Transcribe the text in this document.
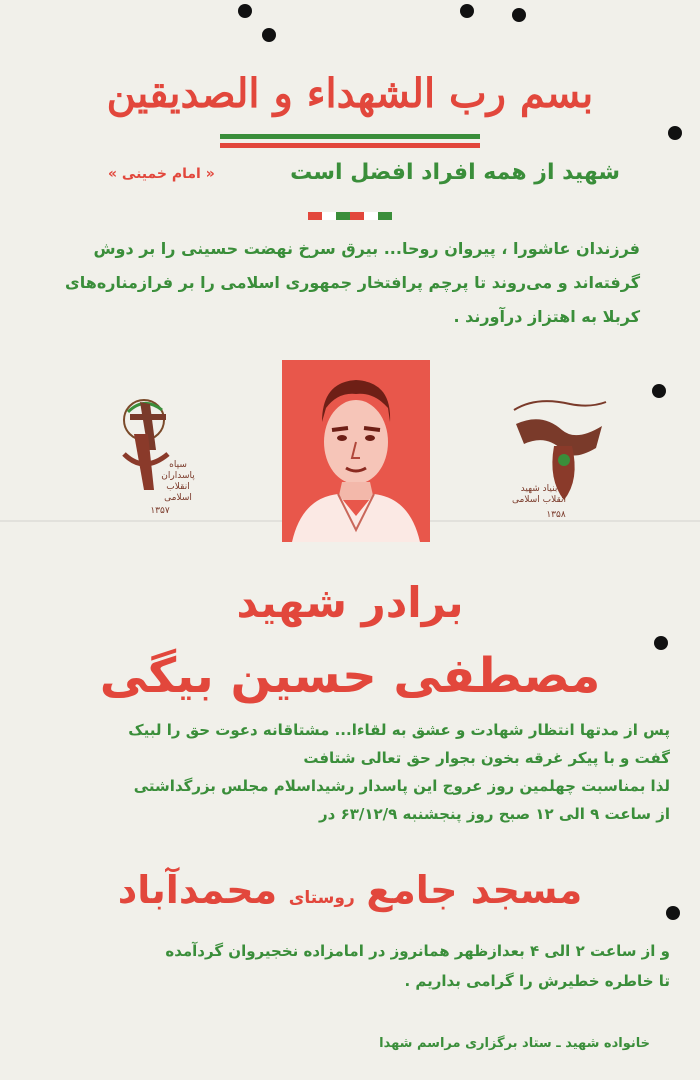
بسم رب الشهداء و الصدیقین
شهید از همه افراد افضل است
« امام خمینی »
فرزندان عاشورا ، پیروان روحا... بیرق سرخ نهضت حسینی را بر دوش
گرفته‌اند و می‌روند تا پرچم پرافتخار جمهوری اسلامی را بر فرازمناره‌های
کربلا به اهتزاز درآورند .
سپاه پاسداران انقلاب اسلامی
۱۳۵۷
بنیاد شهید انقلاب اسلامی
۱۳۵۸
برادر شهید
مصطفی حسین بیگی
پس از مدتها انتظار شهادت و عشق به لقاءا... مشتاقانه دعوت حق را لبیک
گفت و با پیکر غرقه بخون بجوار حق تعالی شتافت
لذا بمناسبت چهلمین روز عروج این پاسدار رشیداسلام مجلس بزرگداشتی
از ساعت ۹ الی ۱۲ صبح روز پنجشنبه ۶۳/۱۲/۹ در
مسجد جامع روستای محمدآباد
و از ساعت ۲ الی ۴ بعدازظهر همانروز در امامزاده نخجیروان گردآمده
تا خاطره خطیرش را گرامی بداریم .
خانواده شهید ـ ستاد برگزاری مراسم شهدا
